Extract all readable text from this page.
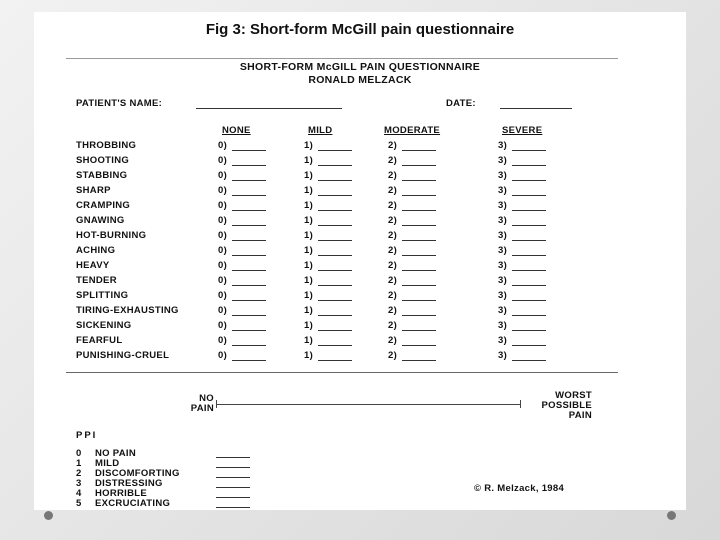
Fig 3: Short-form McGill pain questionnaire
SHORT-FORM McGILL PAIN QUESTIONNAIRE
RONALD MELZACK
PATIENT'S NAME:	DATE:
NONE	MILD	MODERATE	SEVERE
THROBBING	0)	1)	2)	3)
SHOOTING	0)	1)	2)	3)
STABBING	0)	1)	2)	3)
SHARP	0)	1)	2)	3)
CRAMPING	0)	1)	2)	3)
GNAWING	0)	1)	2)	3)
HOT-BURNING	0)	1)	2)	3)
ACHING	0)	1)	2)	3)
HEAVY	0)	1)	2)	3)
TENDER	0)	1)	2)	3)
SPLITTING	0)	1)	2)	3)
TIRING-EXHAUSTING	0)	1)	2)	3)
SICKENING	0)	1)	2)	3)
FEARFUL	0)	1)	2)	3)
PUNISHING-CRUEL	0)	1)	2)	3)
NO PAIN
WORST POSSIBLE PAIN
PPI
0 NO PAIN
1 MILD
2 DISCOMFORTING
3 DISTRESSING
4 HORRIBLE
5 EXCRUCIATING
© R. Melzack, 1984
